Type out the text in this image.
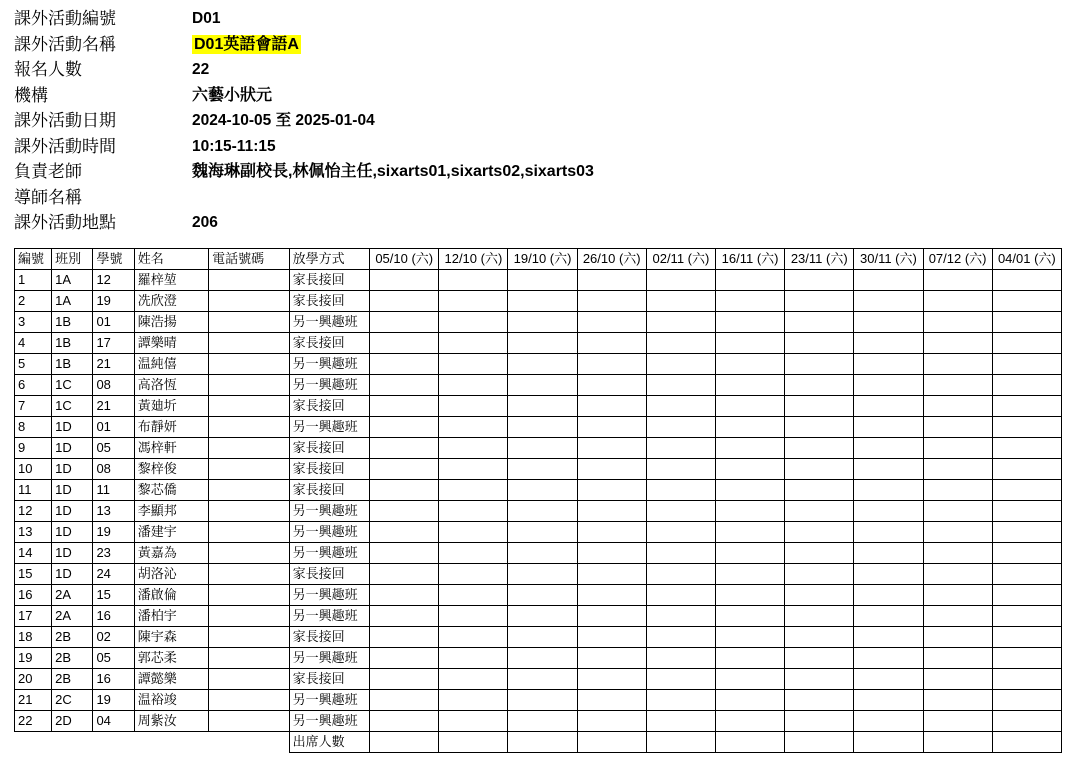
課外活動編號	D01
課外活動名稱	D01英語會語A
報名人數	22
機構	六藝小狀元
課外活動日期	2024-10-05 至 2025-01-04
課外活動時間	10:15-11:15
負責老師	魏海琳副校長,林佩怡主任,sixarts01,sixarts02,sixarts03
導師名稱	
課外活動地點	206
編號	班別	學號	姓名	電話號碼	放學方式	05/10 (六)	12/10 (六)	19/10 (六)	26/10 (六)	02/11 (六)	16/11 (六)	23/11 (六)	30/11 (六)	07/12 (六)	04/01 (六)
1	1A	12	羅梓堃		家長接回										
2	1A	19	冼欣澄		家長接回										
3	1B	01	陳浩揚		另一興趣班										
4	1B	17	譚樂晴		家長接回										
5	1B	21	温純僖		另一興趣班										
6	1C	08	高洛恆		另一興趣班										
7	1C	21	黃廸圻		家長接回										
8	1D	01	布靜妍		另一興趣班										
9	1D	05	馮梓軒		家長接回										
10	1D	08	黎梓俊		家長接回										
11	1D	11	黎芯僑		家長接回										
12	1D	13	李顯邦		另一興趣班										
13	1D	19	潘建宇		另一興趣班										
14	1D	23	黃嘉為		另一興趣班										
15	1D	24	胡洛沁		家長接回										
16	2A	15	潘啟倫		另一興趣班										
17	2A	16	潘柏宇		另一興趣班										
18	2B	02	陳宇森		家長接回										
19	2B	05	郭芯柔		另一興趣班										
20	2B	16	譚懿樂		家長接回										
21	2C	19	温裕竣		另一興趣班										
22	2D	04	周紫汝		另一興趣班										
					出席人數										
